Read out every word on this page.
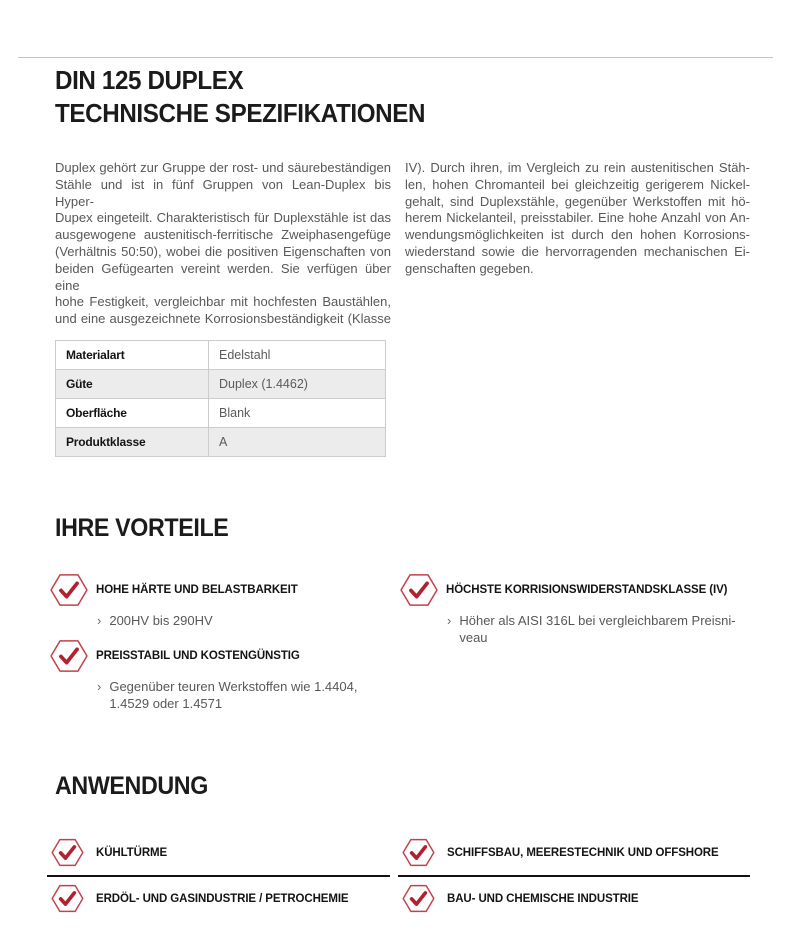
DIN 125 DUPLEX
TECHNISCHE SPEZIFIKATIONEN
Duplex gehört zur Gruppe der rost- und säurebeständigen
Stähle und ist in fünf Gruppen von Lean-Duplex bis Hyper-
Dupex eingeteilt. Charakteristisch für Duplexstähle ist das
ausgewogene austenitisch-ferritische Zweiphasengefüge
(Verhältnis 50:50), wobei die positiven Eigenschaften von
beiden Gefügearten vereint werden. Sie verfügen über eine
hohe Festigkeit, vergleichbar mit hochfesten Baustählen,
und eine ausgezeichnete Korrosionsbeständigkeit (Klasse
IV). Durch ihren, im Vergleich zu rein austenitischen Stäh-
len, hohen Chromanteil bei gleichzeitig gerigerem Nickel-
gehalt, sind Duplexstähle, gegenüber Werkstoffen mit hö-
herem Nickelanteil, preisstabiler. Eine hohe Anzahl von An-
wendungsmöglichkeiten ist durch den hohen Korrosions-
wiederstand sowie die hervorragenden mechanischen Ei-
genschaften gegeben.
Materialart	Edelstahl
Güte	Duplex (1.4462)
Oberfläche	Blank
Produktklasse	A
IHRE VORTEILE
HOHE HÄRTE UND BELASTBARKEIT
› 200HV bis 290HV
PREISSTABIL UND KOSTENGÜNSTIG
› Gegenüber teuren Werkstoffen wie 1.4404, 1.4529 oder 1.4571
HÖCHSTE KORRISIONSWIDERSTANDSKLASSE (IV)
› Höher als AISI 316L bei vergleichbarem Preisniveau
ANWENDUNG
KÜHLTÜRME
ERDÖL- UND GASINDUSTRIE / PETROCHEMIE
SCHIFFSBAU, MEERESTECHNIK UND OFFSHORE
BAU- UND CHEMISCHE INDUSTRIE
